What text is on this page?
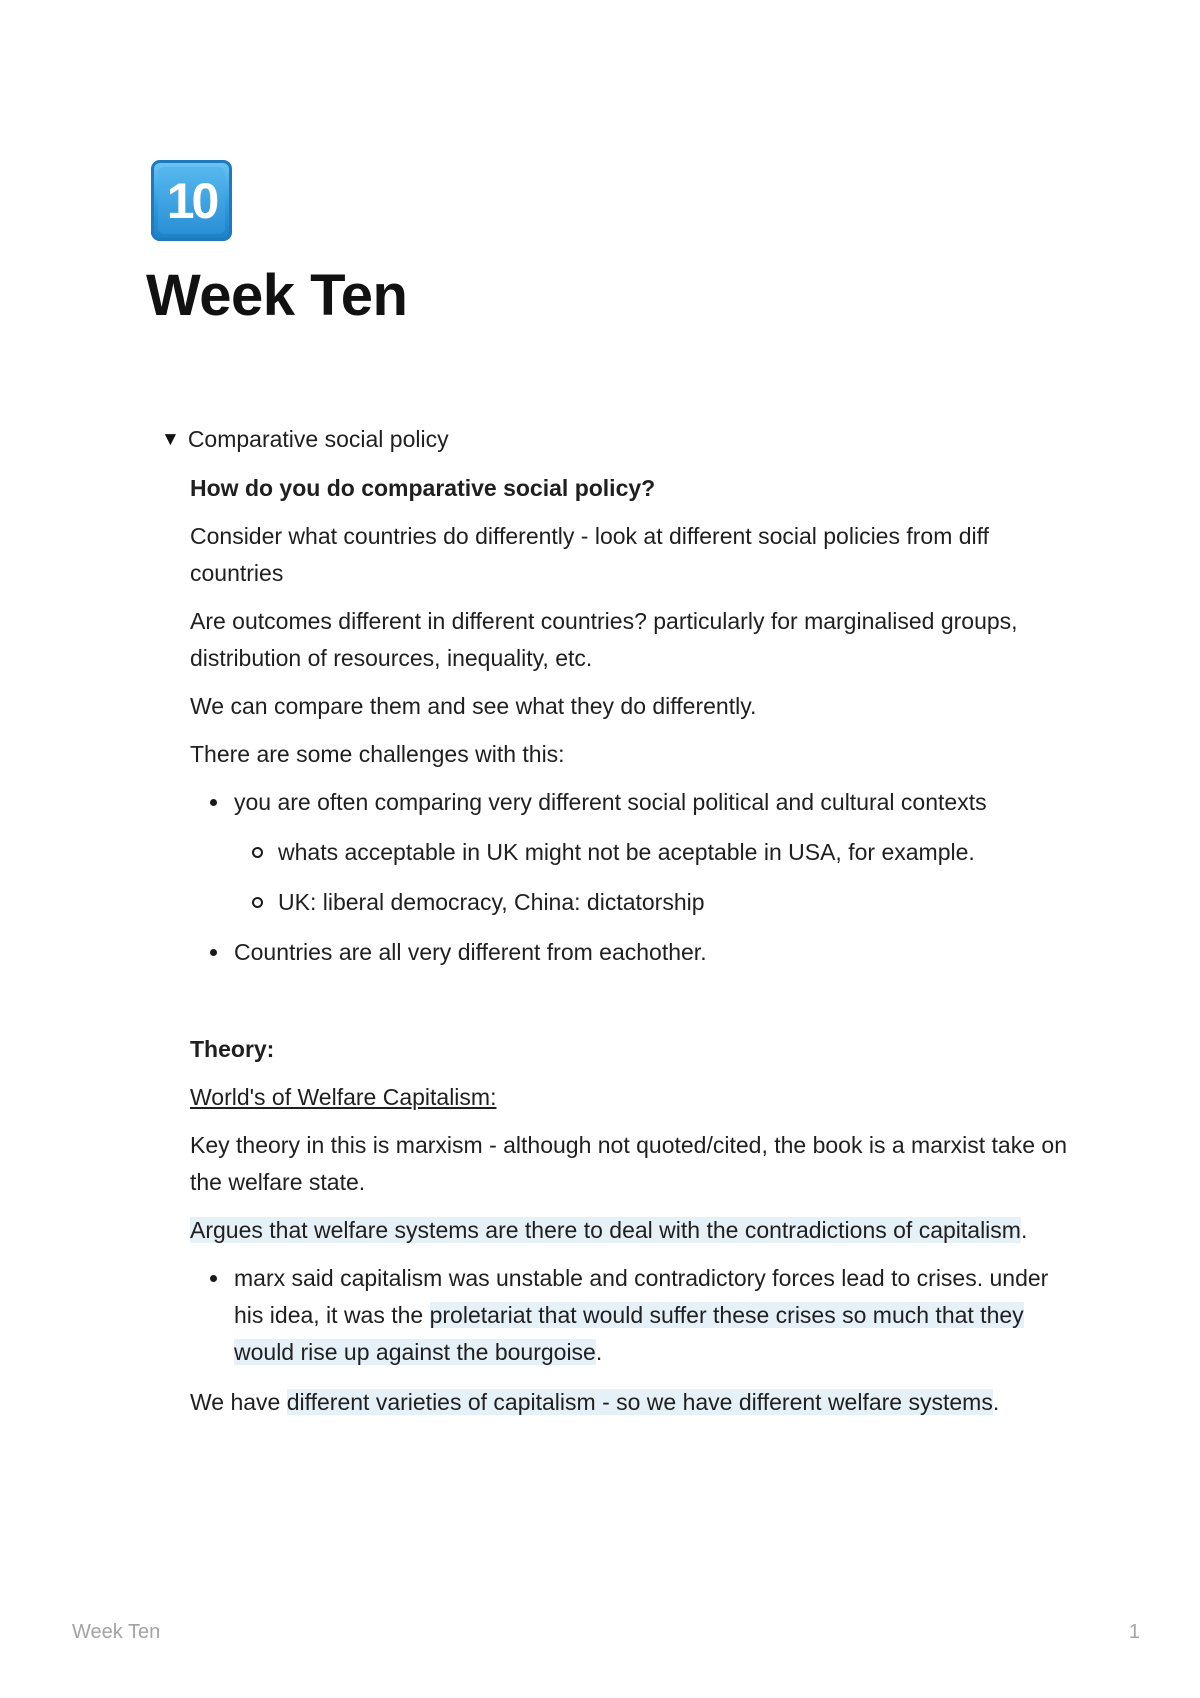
10
Week Ten
▼ Comparative social policy

How do you do comparative social policy?

Consider what countries do differently - look at different social policies from diff countries

Are outcomes different in different countries? particularly for marginalised groups, distribution of resources, inequality, etc.

We can compare them and see what they do differently.

There are some challenges with this:

you are often comparing very different social political and cultural contexts
whats acceptable in UK might not be aceptable in USA, for example.
UK: liberal democracy, China: dictatorship
Countries are all very different from eachother.

Theory:

World's of Welfare Capitalism:

Key theory in this is marxism - although not quoted/cited, the book is a marxist take on the welfare state.

Argues that welfare systems are there to deal with the contradictions of capitalism.

marx said capitalism was unstable and contradictory forces lead to crises. under his idea, it was the proletariat that would suffer these crises so much that they would rise up against the bourgoise.

We have different varieties of capitalism - so we have different welfare systems.

Week Ten	1
